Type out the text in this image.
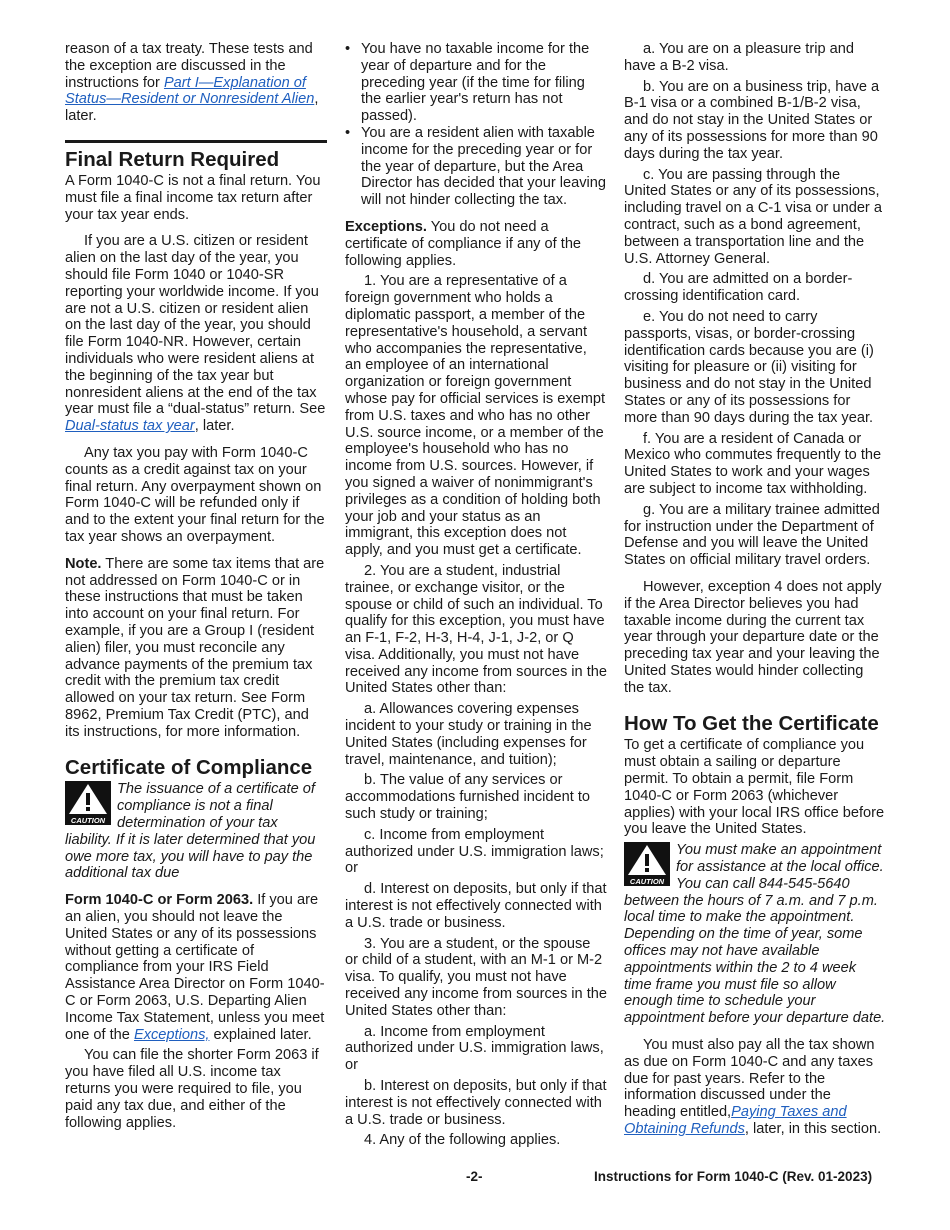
reason of a tax treaty. These tests and the exception are discussed in the instructions for Part I—Explanation of Status—Resident or Nonresident Alien, later.

Final Return Required

A Form 1040-C is not a final return. You must file a final income tax return after your tax year ends.

If you are a U.S. citizen or resident alien on the last day of the year, you should file Form 1040 or 1040-SR reporting your worldwide income. If you are not a U.S. citizen or resident alien on the last day of the year, you should file Form 1040-NR. However, certain individuals who were resident aliens at the beginning of the tax year but nonresident aliens at the end of the tax year must file a “dual-status” return. See Dual-status tax year, later.

Any tax you pay with Form 1040-C counts as a credit against tax on your final return. Any overpayment shown on Form 1040-C will be refunded only if and to the extent your final return for the tax year shows an overpayment.

Note. There are some tax items that are not addressed on Form 1040-C or in these instructions that must be taken into account on your final return. For example, if you are a Group I (resident alien) filer, you must reconcile any advance payments of the premium tax credit with the premium tax credit allowed on your tax return. See Form 8962, Premium Tax Credit (PTC), and its instructions, for more information.

Certificate of Compliance
CAUTION
The issuance of a certificate of compliance is not a final determination of your tax liability. If it is later determined that you owe more tax, you will have to pay the additional tax due

Form 1040-C or Form 2063. If you are an alien, you should not leave the United States or any of its possessions without getting a certificate of compliance from your IRS Field Assistance Area Director on Form 1040-C or Form 2063, U.S. Departing Alien Income Tax Statement, unless you meet one of the Exceptions, explained later.

You can file the shorter Form 2063 if you have filed all U.S. income tax returns you were required to file, you paid any tax due, and either of the following applies.

• You have no taxable income for the year of departure and for the preceding year (if the time for filing the earlier year's return has not passed).
• You are a resident alien with taxable income for the preceding year or for the year of departure, but the Area Director has decided that your leaving will not hinder collecting the tax.

Exceptions. You do not need a certificate of compliance if any of the following applies.

1. You are a representative of a foreign government who holds a diplomatic passport, a member of the representative's household, a servant who accompanies the representative, an employee of an international organization or foreign government whose pay for official services is exempt from U.S. taxes and who has no other U.S. source income, or a member of the employee's household who has no income from U.S. sources. However, if you signed a waiver of nonimmigrant's privileges as a condition of holding both your job and your status as an immigrant, this exception does not apply, and you must get a certificate.

2. You are a student, industrial trainee, or exchange visitor, or the spouse or child of such an individual. To qualify for this exception, you must have an F-1, F-2, H-3, H-4, J-1, J-2, or Q visa. Additionally, you must not have received any income from sources in the United States other than:

a. Allowances covering expenses incident to your study or training in the United States (including expenses for travel, maintenance, and tuition);

b. The value of any services or accommodations furnished incident to such study or training;

c. Income from employment authorized under U.S. immigration laws; or

d. Interest on deposits, but only if that interest is not effectively connected with a U.S. trade or business.

3. You are a student, or the spouse or child of a student, with an M-1 or M-2 visa. To qualify, you must not have received any income from sources in the United States other than:

a. Income from employment authorized under U.S. immigration laws, or

b. Interest on deposits, but only if that interest is not effectively connected with a U.S. trade or business.

4. Any of the following applies.

a. You are on a pleasure trip and have a B-2 visa.

b. You are on a business trip, have a B-1 visa or a combined B-1/B-2 visa, and do not stay in the United States or any of its possessions for more than 90 days during the tax year.

c. You are passing through the United States or any of its possessions, including travel on a C-1 visa or under a contract, such as a bond agreement, between a transportation line and the U.S. Attorney General.

d. You are admitted on a border-crossing identification card.

e. You do not need to carry passports, visas, or border-crossing identification cards because you are (i) visiting for pleasure or (ii) visiting for business and do not stay in the United States or any of its possessions for more than 90 days during the tax year.

f. You are a resident of Canada or Mexico who commutes frequently to the United States to work and your wages are subject to income tax withholding.

g. You are a military trainee admitted for instruction under the Department of Defense and you will leave the United States on official military travel orders.

However, exception 4 does not apply if the Area Director believes you had taxable income during the current tax year through your departure date or the preceding tax year and your leaving the United States would hinder collecting the tax.

How To Get the Certificate

To get a certificate of compliance you must obtain a sailing or departure permit. To obtain a permit, file Form 1040-C or Form 2063 (whichever applies) with your local IRS office before you leave the United States.

CAUTION
You must make an appointment for assistance at the local office. You can call 844-545-5640 between the hours of 7 a.m. and 7 p.m. local time to make the appointment. Depending on the time of year, some offices may not have available appointments within the 2 to 4 week time frame you must file so allow enough time to schedule your appointment before your departure date.

You must also pay all the tax shown as due on Form 1040-C and any taxes due for past years. Refer to the information discussed under the heading entitled,Paying Taxes and Obtaining Refunds, later, in this section.

-2-	Instructions for Form 1040-C (Rev. 01-2023)
